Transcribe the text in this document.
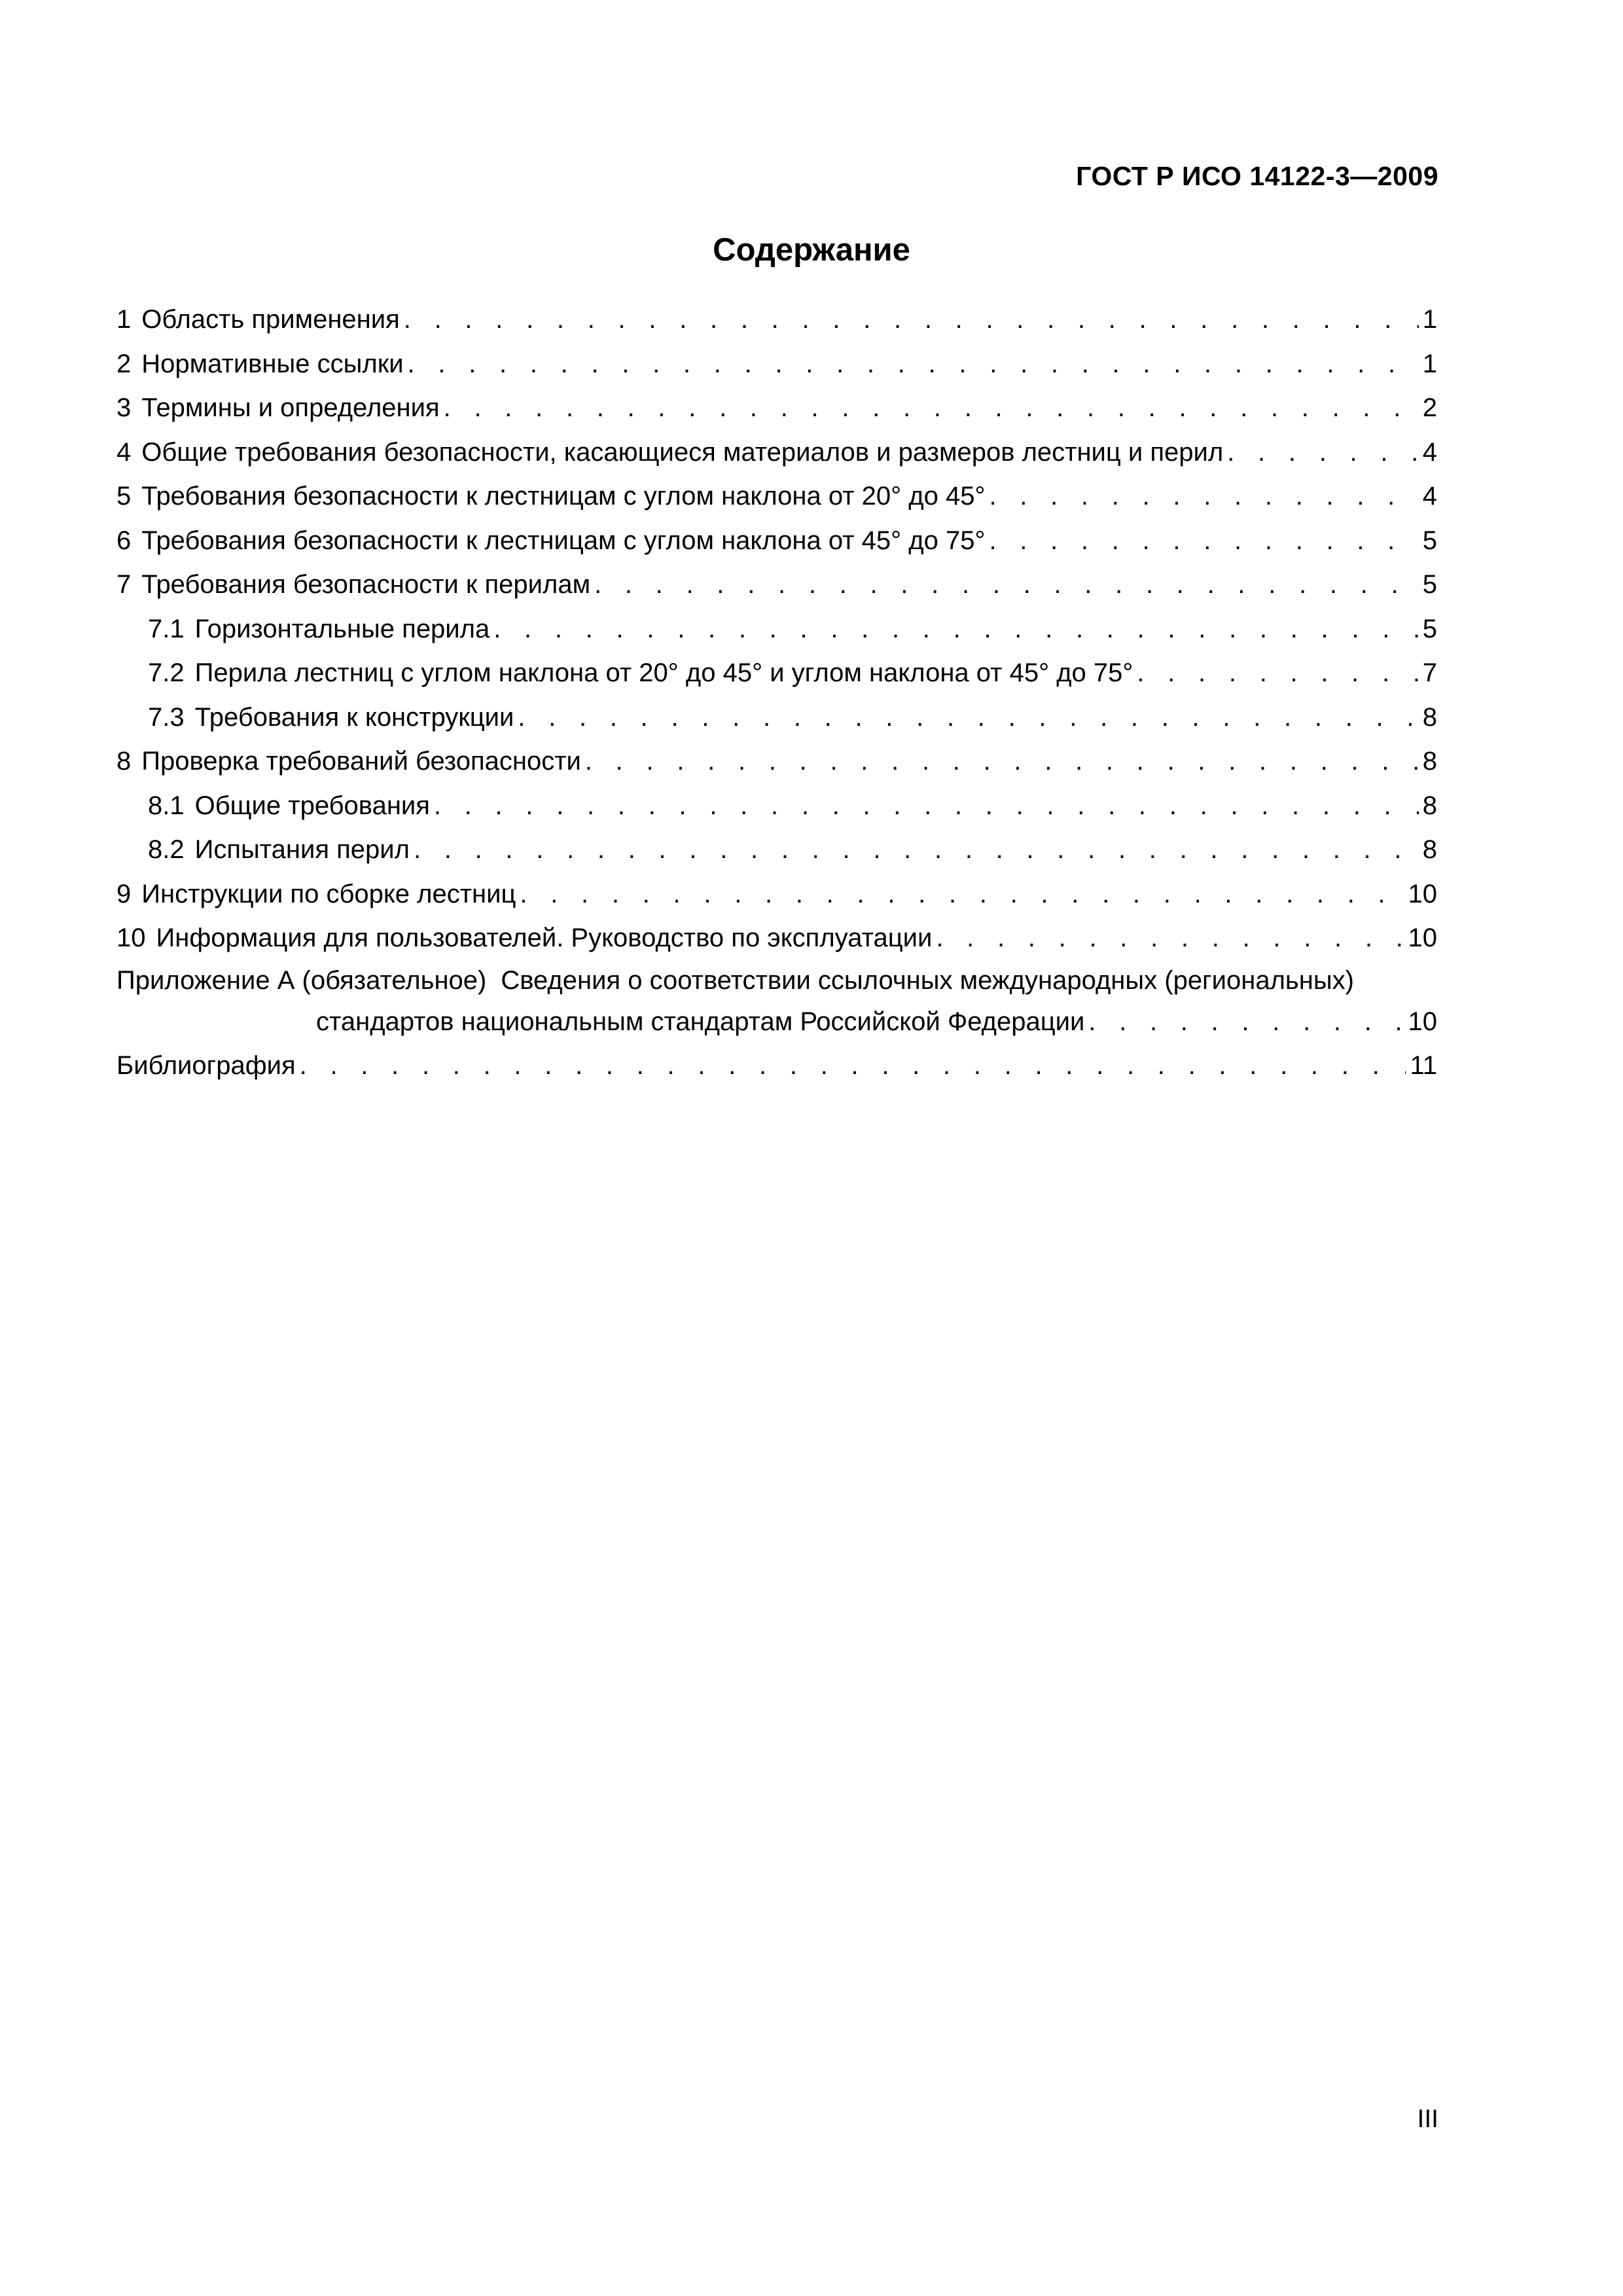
ГОСТ Р ИСО 14122-3—2009
Содержание
1 Область применения . . .	1
2 Нормативные ссылки . . .	1
3 Термины и определения . . .	2
4 Общие требования безопасности, касающиеся материалов и размеров лестниц и перил . . .	4
5 Требования безопасности к лестницам с углом наклона от 20° до 45° . . .	4
6 Требования безопасности к лестницам с углом наклона от 45° до 75° . . .	5
7 Требования безопасности к перилам . . .	5
7.1 Горизонтальные перила . . .	5
7.2 Перила лестниц с углом наклона от 20° до 45° и углом наклона от 45° до 75° . . .	7
7.3 Требования к конструкции . . .	8
8 Проверка требований безопасности . . .	8
8.1 Общие требования . . .	8
8.2 Испытания перил . . .	8
9 Инструкции по сборке лестниц . . .	10
10 Информация для пользователей. Руководство по эксплуатации . . .	10
Приложение А (обязательное) Сведения о соответствии ссылочных международных (региональных)
стандартов национальным стандартам Российской Федерации . . .	10
Библиография . . .	11
III
